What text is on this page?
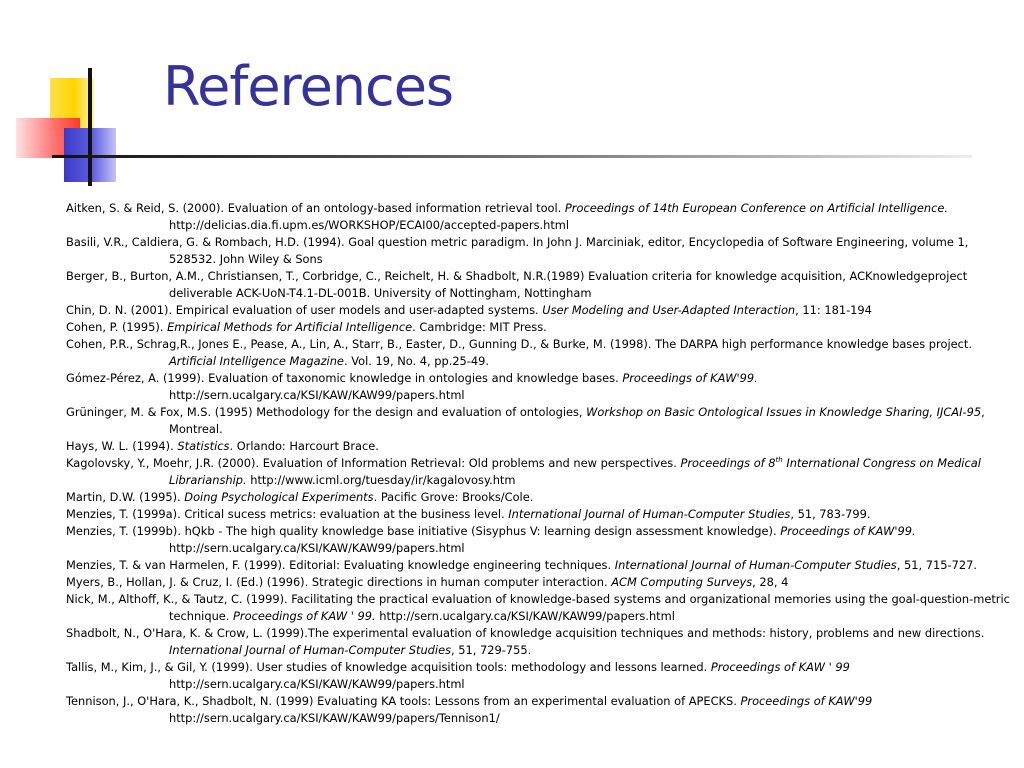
References
Aitken, S. & Reid, S. (2000). Evaluation of an ontology-based information retrieval tool. Proceedings of 14th European Conference on Artificial Intelligence. http://delicias.dia.fi.upm.es/WORKSHOP/ECAI00/accepted-papers.html
Basili, V.R., Caldiera, G. & Rombach, H.D. (1994). Goal question metric paradigm. In John J. Marciniak, editor, Encyclopedia of Software Engineering, volume 1, 528532. John Wiley & Sons
Berger, B., Burton, A.M., Christiansen, T., Corbridge, C., Reichelt, H. & Shadbolt, N.R.(1989) Evaluation criteria for knowledge acquisition, ACKnowledgeproject deliverable ACK-UoN-T4.1-DL-001B. University of Nottingham, Nottingham
Chin, D. N. (2001). Empirical evaluation of user models and user-adapted systems. User Modeling and User-Adapted Interaction, 11: 181-194
Cohen, P. (1995). Empirical Methods for Artificial Intelligence. Cambridge: MIT Press.
Cohen, P.R., Schrag,R., Jones E., Pease, A., Lin, A., Starr, B., Easter, D., Gunning D., & Burke, M. (1998). The DARPA high performance knowledge bases project. Artificial Intelligence Magazine. Vol. 19, No. 4, pp.25-49.
Gómez-Pérez, A. (1999). Evaluation of taxonomic knowledge in ontologies and knowledge bases. Proceedings of KAW'99. http://sern.ucalgary.ca/KSI/KAW/KAW99/papers.html
Grüninger, M. & Fox, M.S. (1995) Methodology for the design and evaluation of ontologies, Workshop on Basic Ontological Issues in Knowledge Sharing, IJCAI-95, Montreal.
Hays, W. L. (1994). Statistics. Orlando: Harcourt Brace.
Kagolovsky, Y., Moehr, J.R. (2000). Evaluation of Information Retrieval: Old problems and new perspectives. Proceedings of 8th International Congress on Medical Librarianship. http://www.icml.org/tuesday/ir/kagalovosy.htm
Martin, D.W. (1995). Doing Psychological Experiments. Pacific Grove: Brooks/Cole.
Menzies, T. (1999a). Critical sucess metrics: evaluation at the business level. International Journal of Human-Computer Studies, 51, 783-799.
Menzies, T. (1999b). hQkb - The high quality knowledge base initiative (Sisyphus V: learning design assessment knowledge). Proceedings of KAW'99. http://sern.ucalgary.ca/KSI/KAW/KAW99/papers.html
Menzies, T. & van Harmelen, F. (1999). Editorial: Evaluating knowledge engineering techniques. International Journal of Human-Computer Studies, 51, 715-727.
Myers, B., Hollan, J. & Cruz, I. (Ed.) (1996). Strategic directions in human computer interaction. ACM Computing Surveys, 28, 4
Nick, M., Althoff, K., & Tautz, C. (1999). Facilitating the practical evaluation of knowledge-based systems and organizational memories using the goal-question-metric technique. Proceedings of KAW ' 99. http://sern.ucalgary.ca/KSI/KAW/KAW99/papers.html
Shadbolt, N., O'Hara, K. & Crow, L. (1999).The experimental evaluation of knowledge acquisition techniques and methods: history, problems and new directions. International Journal of Human-Computer Studies, 51, 729-755.
Tallis, M., Kim, J., & Gil, Y. (1999). User studies of knowledge acquisition tools: methodology and lessons learned. Proceedings of KAW ' 99 http://sern.ucalgary.ca/KSI/KAW/KAW99/papers.html
Tennison, J., O'Hara, K., Shadbolt, N. (1999) Evaluating KA tools: Lessons from an experimental evaluation of APECKS. Proceedings of KAW'99 http://sern.ucalgary.ca/KSI/KAW/KAW99/papers/Tennison1/
